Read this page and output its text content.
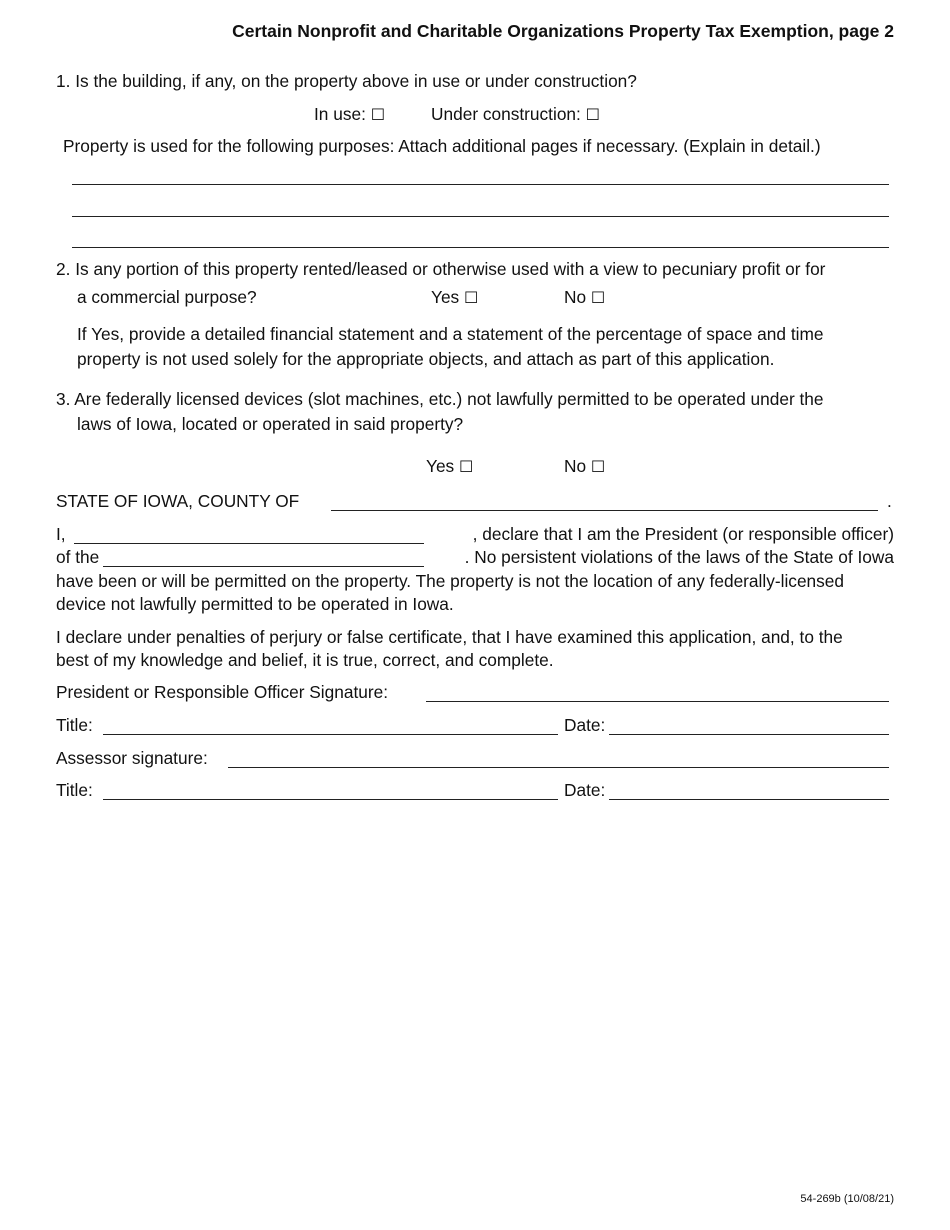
Certain Nonprofit and Charitable Organizations Property Tax Exemption, page 2
1. Is the building, if any, on the property above in use or under construction?
In use: ☐	Under construction: ☐
Property is used for the following purposes: Attach additional pages if necessary. (Explain in detail.)
2. Is any portion of this property rented/leased or otherwise used with a view to pecuniary profit or for
a commercial purpose?	Yes ☐	No ☐
If Yes, provide a detailed financial statement and a statement of the percentage of space and time
property is not used solely for the appropriate objects, and attach as part of this application.
3. Are federally licensed devices (slot machines, etc.) not lawfully permitted to be operated under the
laws of Iowa, located or operated in said property?
Yes ☐	No ☐
STATE OF IOWA, COUNTY OF	.
I,	, declare that I am the President (or responsible officer)
of the	. No persistent violations of the laws of the State of Iowa
have been or will be permitted on the property. The property is not the location of any federally-licensed
device not lawfully permitted to be operated in Iowa.
I declare under penalties of perjury or false certificate, that I have examined this application, and, to the
best of my knowledge and belief, it is true, correct, and complete.
President or Responsible Officer Signature:
Title:	Date:
Assessor signature:
Title:	Date:
54-269b (10/08/21)
